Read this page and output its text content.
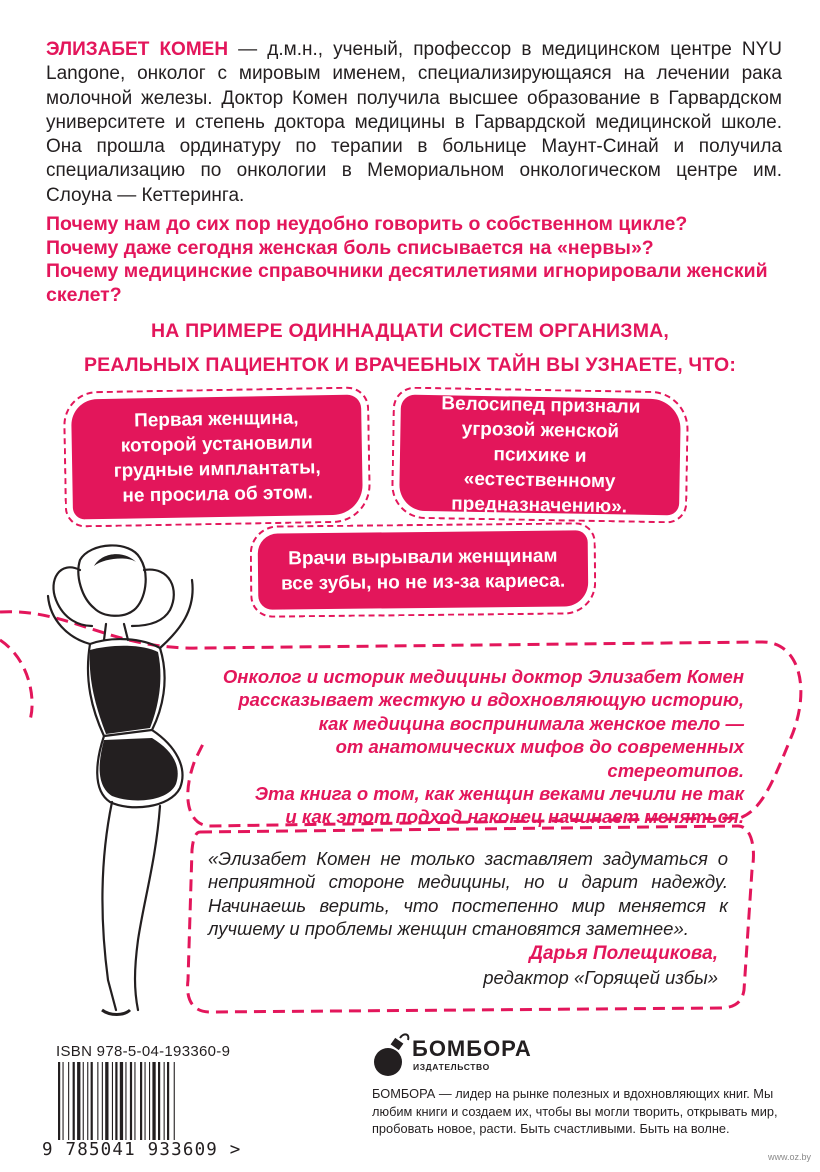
ЭЛИЗАБЕТ КОМЕН — д.м.н., ученый, профессор в медицинском центре NYU Langone, онколог с мировым именем, специализирующаяся на лечении рака молочной железы. Доктор Комен получила высшее образование в Гарвардском университете и степень доктора медицины в Гарвардской медицинской школе. Она прошла ординатуру по терапии в больнице Маунт-Синай и получила специализацию по онкологии в Мемориальном онкологическом центре им. Слоуна — Кеттеринга.
Почему нам до сих пор неудобно говорить о собственном цикле?
Почему даже сегодня женская боль списывается на «нервы»?
Почему медицинские справочники десятилетиями игнорировали женский скелет?
НА ПРИМЕРЕ ОДИННАДЦАТИ СИСТЕМ ОРГАНИЗМА,
РЕАЛЬНЫХ ПАЦИЕНТОК И ВРАЧЕБНЫХ ТАЙН ВЫ УЗНАЕТЕ, ЧТО:
Первая женщина, которой установили грудные имплантаты, не просила об этом.
Велосипед признали угрозой женской психике и «естественному предназначению».
Врачи вырывали женщинам все зубы, но не из-за кариеса.
Онколог и историк медицины доктор Элизабет Комен
рассказывает жесткую и вдохновляющую историю,
как медицина воспринимала женское тело —
от анатомических мифов до современных стереотипов.
Эта книга о том, как женщин веками лечили не так
и как этот подход наконец начинает меняться.
«Элизабет Комен не только заставляет задуматься о неприятной стороне медицины, но и дарит надежду. Начинаешь верить, что постепенно мир меняется к лучшему и проблемы женщин становятся заметнее».
Дарья Полещикова,
редактор «Горящей избы»
ISBN 978-5-04-193360-9
9 785041 933609 >
БОМБОРА
ИЗДАТЕЛЬСТВО
БОМБОРА — лидер на рынке полезных и вдохновляющих книг. Мы любим книги и создаем их, чтобы вы могли творить, открывать мир, пробовать новое, расти. Быть счастливыми. Быть на волне.
www.oz.by
